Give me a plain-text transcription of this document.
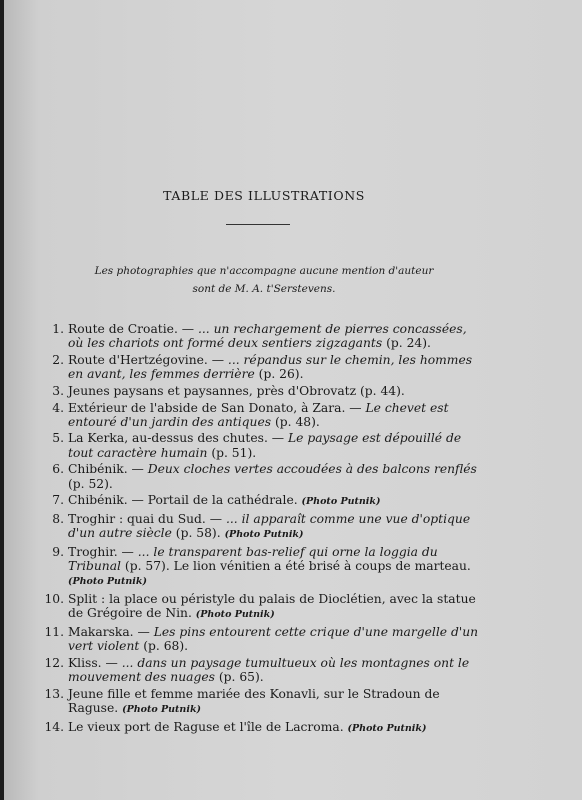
TABLE DES ILLUSTRATIONS
Les photographies que n'accompagne aucune mention d'auteur
sont de M. A. t'Serstevens.
1. Route de Croatie. — ... un rechargement de pierres concassées, où les chariots ont formé deux sentiers zigzagants (p. 24).
2. Route d'Hertzégovine. — ... répandus sur le chemin, les hommes en avant, les femmes derrière (p. 26).
3. Jeunes paysans et paysannes, près d'Obrovatz (p. 44).
4. Extérieur de l'abside de San Donato, à Zara. — Le chevet est entouré d'un jardin des antiques (p. 48).
5. La Kerka, au-dessus des chutes. — Le paysage est dépouillé de tout caractère humain (p. 51).
6. Chibénik. — Deux cloches vertes accoudées à des balcons renflés (p. 52).
7. Chibénik. — Portail de la cathédrale. (Photo Putnik)
8. Troghir : quai du Sud. — ... il apparaît comme une vue d'optique d'un autre siècle (p. 58). (Photo Putnik)
9. Troghir. — ... le transparent bas-relief qui orne la loggia du Tribunal (p. 57). Le lion vénitien a été brisé à coups de marteau. (Photo Putnik)
10. Split : la place ou péristyle du palais de Dioclétien, avec la statue de Grégoire de Nin. (Photo Putnik)
11. Makarska. — Les pins entourent cette crique d'une margelle d'un vert violent (p. 68).
12. Kliss. — ... dans un paysage tumultueux où les montagnes ont le mouvement des nuages (p. 65).
13. Jeune fille et femme mariée des Konavli, sur le Stradoun de Raguse. (Photo Putnik)
14. Le vieux port de Raguse et l'île de Lacroma. (Photo Putnik)
